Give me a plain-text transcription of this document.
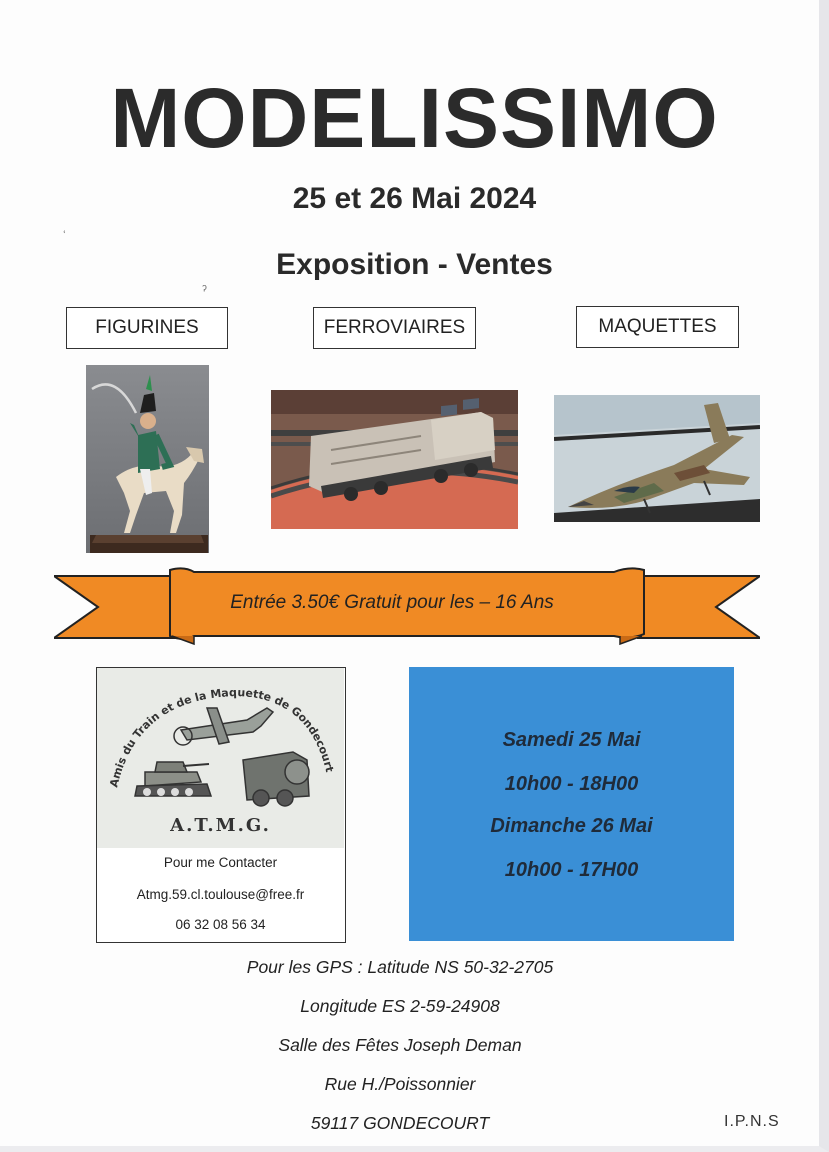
ʿ
ˀ
MODELISSIMO
25 et 26 Mai 2024
Exposition - Ventes
FIGURINES	FERROVIAIRES	MAQUETTES
Entrée 3.50€ Gratuit pour les – 16 Ans
Amis du Train et de la Maquette de Gondecourt
A.T.M.G.
Pour me Contacter
Atmg.59.cl.toulouse@free.fr
06 32 08 56 34
Samedi 25 Mai
10h00 - 18H00
Dimanche 26 Mai
10h00 - 17H00
Pour les GPS : Latitude NS 50-32-2705
Longitude ES 2-59-24908
Salle des Fêtes Joseph Deman
Rue H./Poissonnier
59117 GONDECOURT	I.P.N.S
